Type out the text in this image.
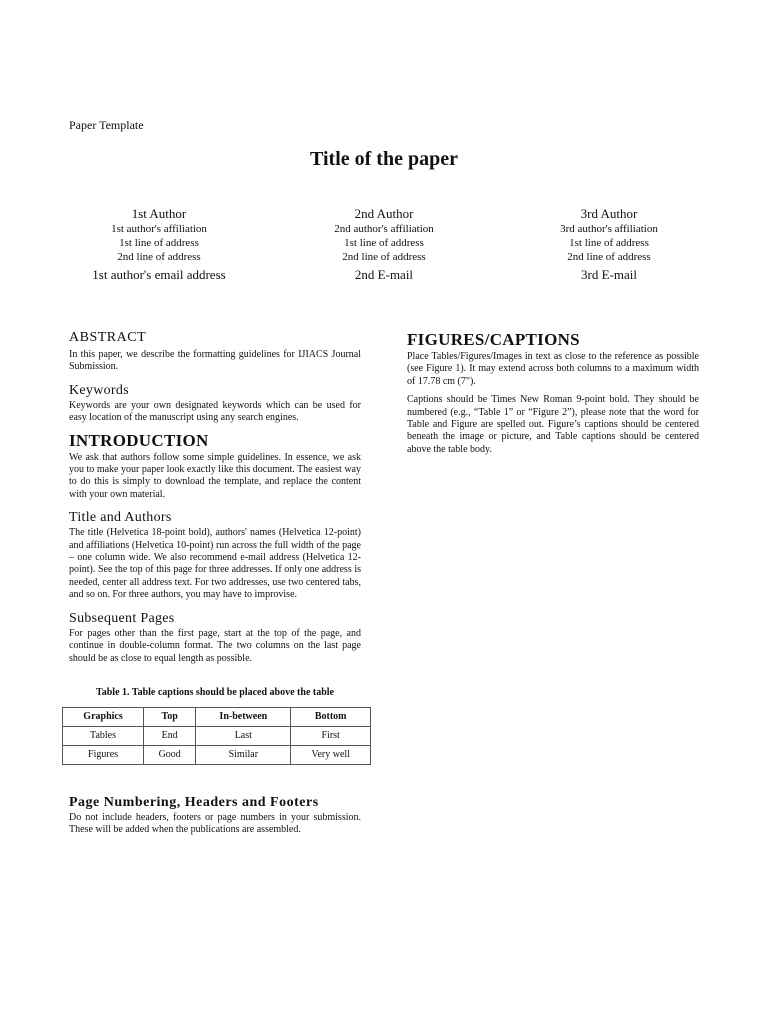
Paper Template
Title of the paper
1st Author
1st author's affiliation
1st line of address
2nd line of address
1st author's email address
2nd Author
2nd author's affiliation
1st line of address
2nd line of address
2nd E-mail
3rd Author
3rd author's affiliation
1st line of address
2nd line of address
3rd E-mail
ABSTRACT

In this paper, we describe the formatting guidelines for IJIACS Journal Submission.

Keywords

Keywords are your own designated keywords which can be used for easy location of the manuscript using any search engines.

INTRODUCTION

We ask that authors follow some simple guidelines. In essence, we ask you to make your paper look exactly like this document. The easiest way to do this is simply to download the template, and replace the content with your own material.

Title and Authors

The title (Helvetica 18-point bold), authors' names (Helvetica 12-point) and affiliations (Helvetica 10-point) run across the full width of the page – one column wide. We also recommend e-mail address (Helvetica 12-point). See the top of this page for three addresses. If only one address is needed, center all address text. For two addresses, use two centered tabs, and so on. For three authors, you may have to improvise.

Subsequent Pages

For pages other than the first page, start at the top of the page, and continue in double-column format. The two columns on the last page should be as close to equal length as possible.

Table 1. Table captions should be placed above the table
Graphics	Top	In-between	Bottom
Tables	End	Last	First
Figures	Good	Similar	Very well
Page Numbering, Headers and Footers

Do not include headers, footers or page numbers in your submission. These will be added when the publications are assembled.

FIGURES/CAPTIONS

Place Tables/Figures/Images in text as close to the reference as possible (see Figure 1). It may extend across both columns to a maximum width of 17.78 cm (7").

Captions should be Times New Roman 9-point bold. They should be numbered (e.g., “Table 1” or “Figure 2”), please note that the word for Table and Figure are spelled out. Figure’s captions should be centered beneath the image or picture, and Table captions should be centered above the table body.
